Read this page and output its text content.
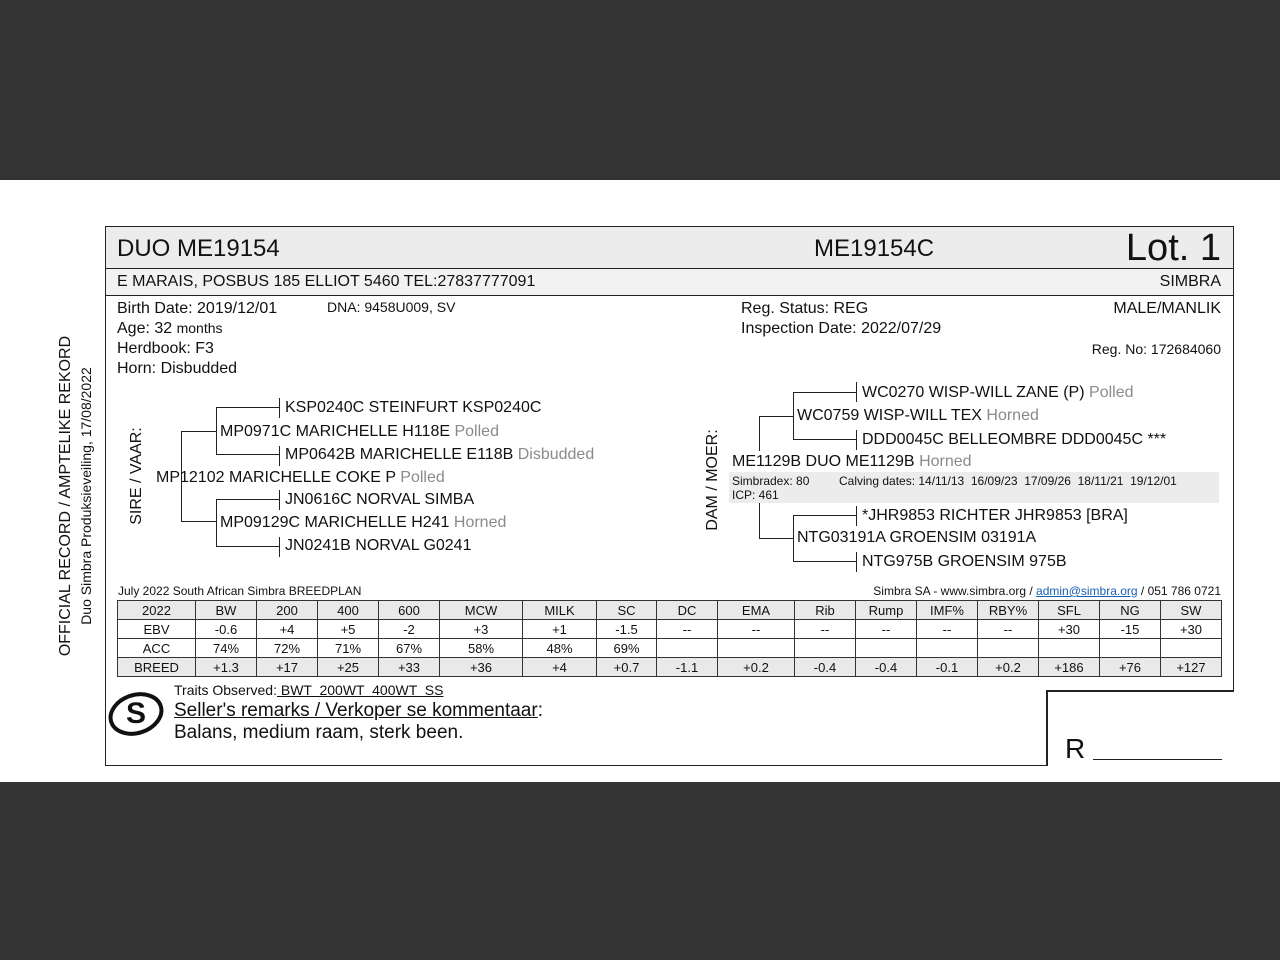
OFFICIAL RECORD / AMPTELIKE REKORD Duo Simbra Produksieveiling, 17/08/2022
DUO ME19154	ME19154C	Lot. 1
E MARAIS, POSBUS 185 ELLIOT 5460 TEL:27837777091	SIMBRA
Birth Date: 2019/12/01	DNA: 9458U009, SV
Age: 32 months
Herdbook: F3
Horn: Disbudded
Reg. Status: REG
Inspection Date: 2022/07/29
MALE/MANLIK
Reg. No: 172684060
SIRE / VAAR:
KSP0240C STEINFURT KSP0240C
MP0971C MARICHELLE H118E Polled
MP0642B MARICHELLE E118B Disbudded
MP12102 MARICHELLE COKE P Polled
JN0616C NORVAL SIMBA
MP09129C MARICHELLE H241 Horned
JN0241B NORVAL G0241
DAM / MOER:
WC0270 WISP-WILL ZANE (P) Polled
WC0759 WISP-WILL TEX Horned
DDD0045C BELLEOMBRE DDD0045C ***
ME1129B DUO ME1129B Horned
Simbradex: 80 Calving dates: 14/11/13  16/09/23  17/09/26  18/11/21  19/12/01
ICP: 461
*JHR9853 RICHTER JHR9853 [BRA]
NTG03191A GROENSIM 03191A
NTG975B GROENSIM 975B
July 2022 South African Simbra BREEDPLAN	Simbra SA - www.simbra.org / admin@simbra.org / 051 786 0721
2022	BW	200	400	600	MCW	MILK	SC	DC	EMA	Rib	Rump	IMF%	RBY%	SFL	NG	SW
EBV	-0.6	+4	+5	-2	+3	+1	-1.5	--	--	--	--	--	--	+30	-15	+30
ACC	74%	72%	71%	67%	58%	48%	69%									
BREED	+1.3	+17	+25	+33	+36	+4	+0.7	-1.1	+0.2	-0.4	-0.4	-0.1	+0.2	+186	+76	+127
S
Traits Observed: BWT  200WT  400WT  SS
Seller's remarks / Verkoper se kommentaar:
Balans, medium raam, sterk been.
R
